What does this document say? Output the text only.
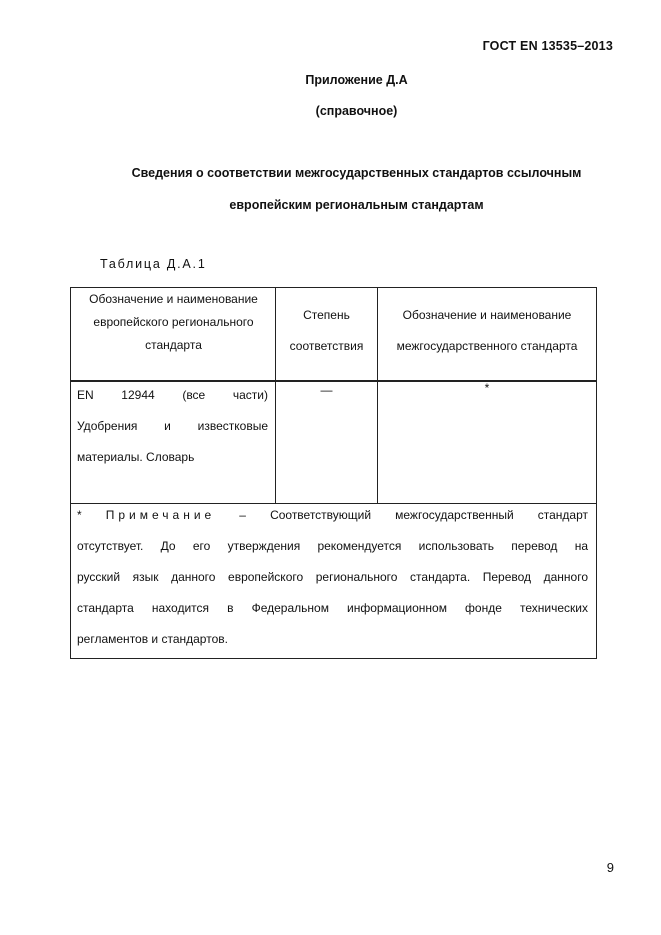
ГОСТ EN 13535–2013
Приложение Д.А
(справочное)
Сведения о соответствии межгосударственных стандартов ссылочным
европейским региональным стандартам
Таблица Д.А.1
Обозначение и наименование
европейского регионального
стандарта
Степень
соответствия
Обозначение и наименование
межгосударственного стандарта
EN 12944 (все части)
Удобрения и известковые
материалы. Словарь
—	*
* Примечание – Соответствующий межгосударственный стандарт
отсутствует. До его утверждения рекомендуется использовать перевод на
русский язык данного европейского регионального стандарта. Перевод данного
стандарта находится в Федеральном информационном фонде технических
регламентов и стандартов.
9
